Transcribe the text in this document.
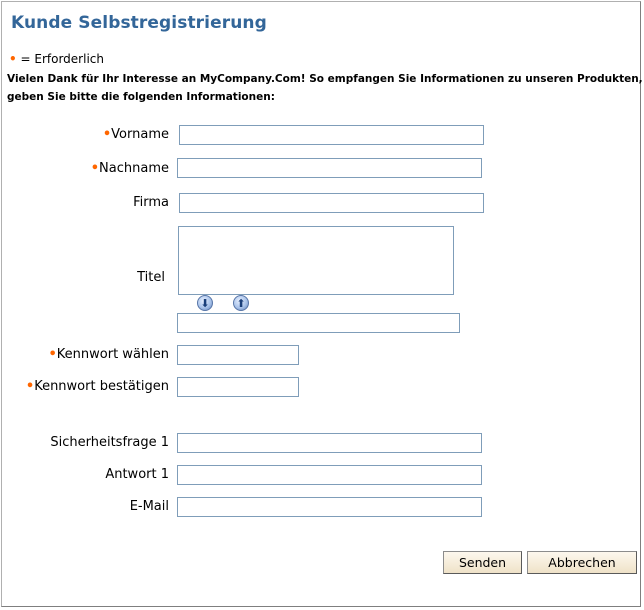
Kunde Selbstregistrierung
• = Erforderlich
Vielen Dank für Ihr Interesse an MyCompany.Com! So empfangen Sie Informationen zu unseren Produkten, geben Sie bitte die folgenden Informationen:
•Vorname
•Nachname
Firma
Titel
⬇	⬆
•Kennwort wählen
•Kennwort bestätigen
Sicherheitsfrage 1
Antwort 1
E-Mail
Senden	Abbrechen
